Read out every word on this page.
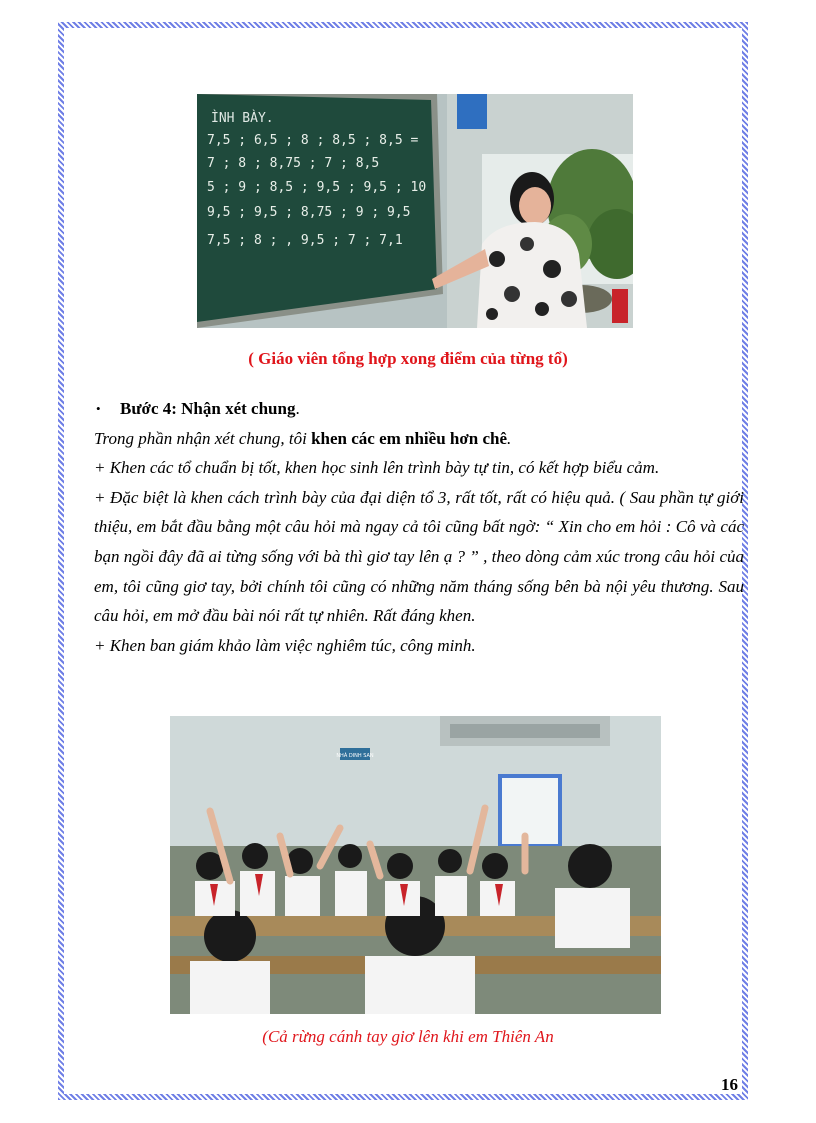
ÌNH BÀY.
7,5 ; 6,5 ; 8 ; 8,5 ; 8,5 =
7 ; 8 ; 8,75 ; 7 ; 8,5
5 ; 9 ; 8,5 ; 9,5 ; 9,5 ; 10
9,5 ; 9,5 ; 8,75 ; 9 ; 9,5
7,5 ; 8 ; , 9,5 ; 7 ; 7,1
( Giáo viên tổng hợp xong điểm của từng tổ)

• Bước 4: Nhận xét chung.

Trong phần nhận xét chung, tôi khen các em nhiều hơn chê.

+ Khen các tổ chuẩn bị tốt, khen học sinh lên trình bày tự tin, có kết hợp biểu cảm.

+ Đặc biệt là khen cách trình bày của đại diện tổ 3, rất tốt, rất có hiệu quả. ( Sau phần tự giới thiệu, em bắt đầu bằng một câu hỏi mà ngay cả tôi cũng bất ngờ: “ Xin cho em hỏi : Cô và các bạn ngồi đây đã ai từng sống với bà thì giơ tay lên ạ ? ” , theo dòng cảm xúc trong câu hỏi của em, tôi cũng giơ tay, bởi chính tôi cũng có những năm tháng sống bên bà nội yêu thương. Sau câu hỏi, em mở đầu bài nói rất tự nhiên. Rất đáng khen.

+ Khen ban giám khảo làm việc nghiêm túc, công minh.

NHÀ DINH SAN
(Cả rừng cánh tay giơ lên khi em Thiên An
16
